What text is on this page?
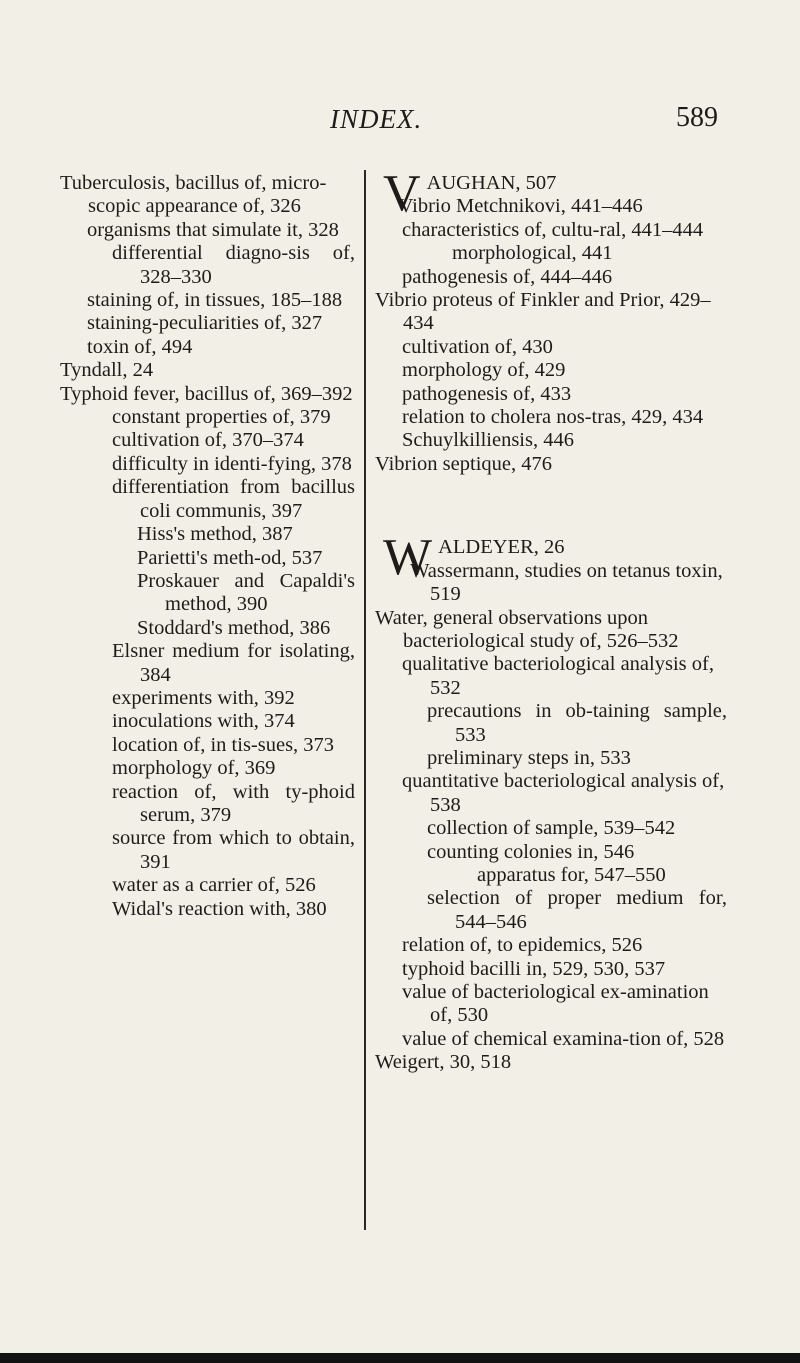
INDEX.	589

Tuberculosis, bacillus of, micro-scopic appearance of, 326

organisms that simulate it, 328

differential diagno-sis of, 328–330

staining of, in tissues, 185–188

staining-peculiarities of, 327

toxin of, 494

Tyndall, 24

Typhoid fever, bacillus of, 369–392

constant properties of, 379

cultivation of, 370–374

difficulty in identi-fying, 378

differentiation from bacillus coli communis, 397

Hiss's method, 387

Parietti's meth-od, 537

Proskauer and Capaldi's method, 390

Stoddard's method, 386

Elsner medium for isolating, 384

experiments with, 392

inoculations with, 374

location of, in tis-sues, 373

morphology of, 369

reaction of, with ty-phoid serum, 379

source from which to obtain, 391

water as a carrier of, 526

Widal's reaction with, 380

VAUGHAN, 507

Vibrio Metchnikovi, 441–446

characteristics of, cultu-ral, 441–444

morphological, 441

pathogenesis of, 444–446

Vibrio proteus of Finkler and Prior, 429–434

cultivation of, 430

morphology of, 429

pathogenesis of, 433

relation to cholera nos-tras, 429, 434

Schuylkilliensis, 446

Vibrion septique, 476

WALDEYER, 26

Wassermann, studies on tetanus toxin, 519

Water, general observations upon bacteriological study of, 526–532

qualitative bacteriological analysis of, 532

precautions in ob-taining sample, 533

preliminary steps in, 533

quantitative bacteriological analysis of, 538

collection of sample, 539–542

counting colonies in, 546

apparatus for, 547–550

selection of proper medium for, 544–546

relation of, to epidemics, 526

typhoid bacilli in, 529, 530, 537

value of bacteriological ex-amination of, 530

value of chemical examina-tion of, 528

Weigert, 30, 518
